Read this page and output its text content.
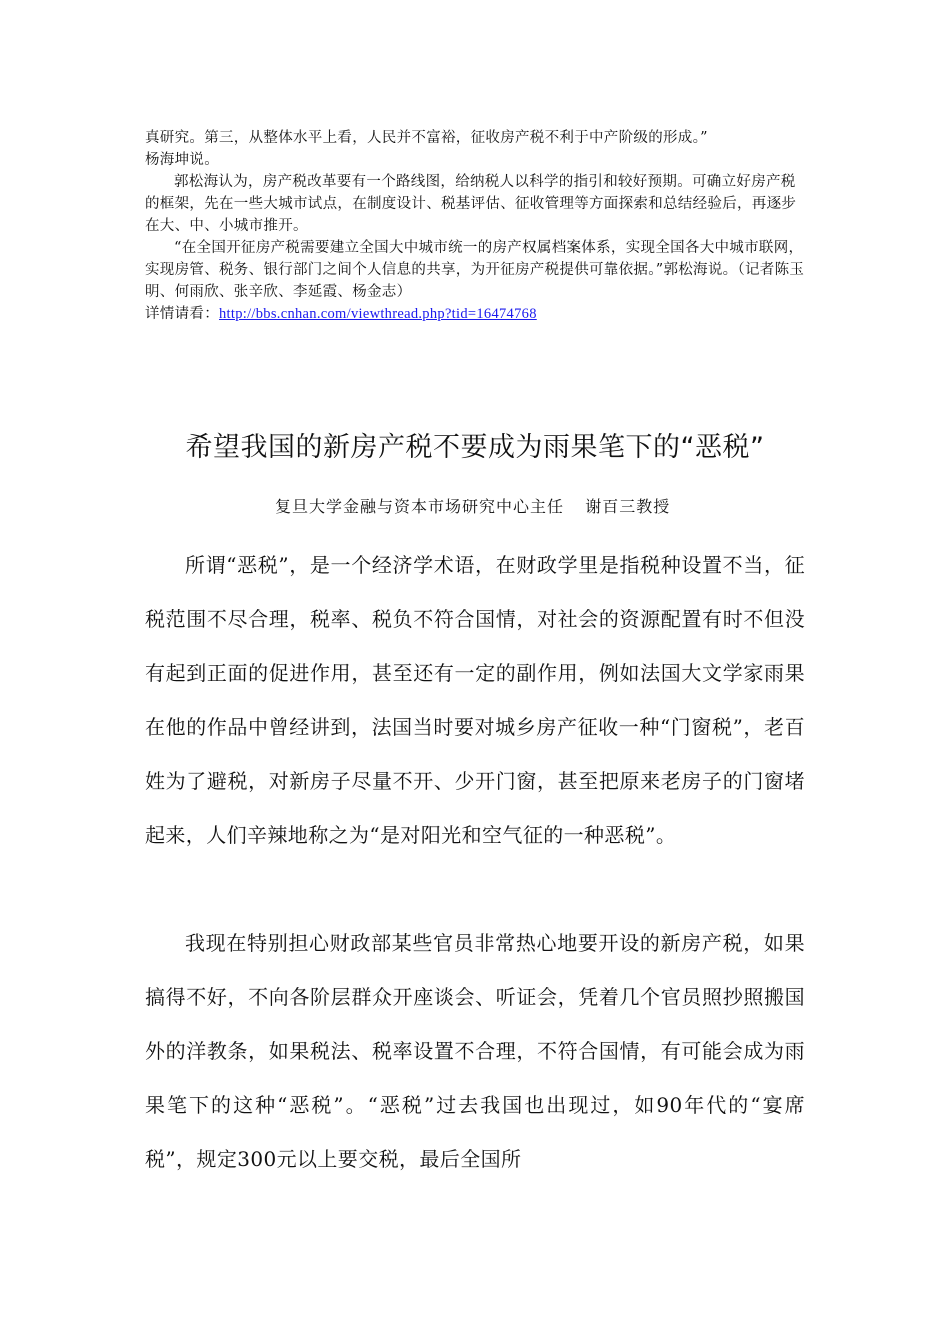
真研究。第三，从整体水平上看，人民并不富裕，征收房产税不利于中产阶级的形成。”
杨海坤说。

郭松海认为，房产税改革要有一个路线图，给纳税人以科学的指引和较好预期。可确立好房产税的框架，先在一些大城市试点，在制度设计、税基评估、征收管理等方面探索和总结经验后，再逐步在大、中、小城市推开。

“在全国开征房产税需要建立全国大中城市统一的房产权属档案体系，实现全国各大中城市联网，实现房管、税务、银行部门之间个人信息的共享，为开征房产税提供可靠依据。”郭松海说。（记者陈玉明、何雨欣、张辛欣、李延霞、杨金志）

详情请看：http://bbs.cnhan.com/viewthread.php?tid=16474768

希望我国的新房产税不要成为雨果笔下的“恶税”
复旦大学金融与资本市场研究中心主任  谢百三教授

所谓“恶税”，是一个经济学术语，在财政学里是指税种设置不当，征税范围不尽合理，税率、税负不符合国情，对社会的资源配置有时不但没有起到正面的促进作用，甚至还有一定的副作用，例如法国大文学家雨果在他的作品中曾经讲到，法国当时要对城乡房产征收一种“门窗税”，老百姓为了避税，对新房子尽量不开、少开门窗，甚至把原来老房子的门窗堵起来，人们辛辣地称之为“是对阳光和空气征的一种恶税”。

我现在特别担心财政部某些官员非常热心地要开设的新房产税，如果搞得不好，不向各阶层群众开座谈会、听证会，凭着几个官员照抄照搬国外的洋教条，如果税法、税率设置不合理，不符合国情，有可能会成为雨果笔下的这种“恶税”。“恶税”过去我国也出现过，如90年代的“宴席税”，规定300元以上要交税，最后全国所
